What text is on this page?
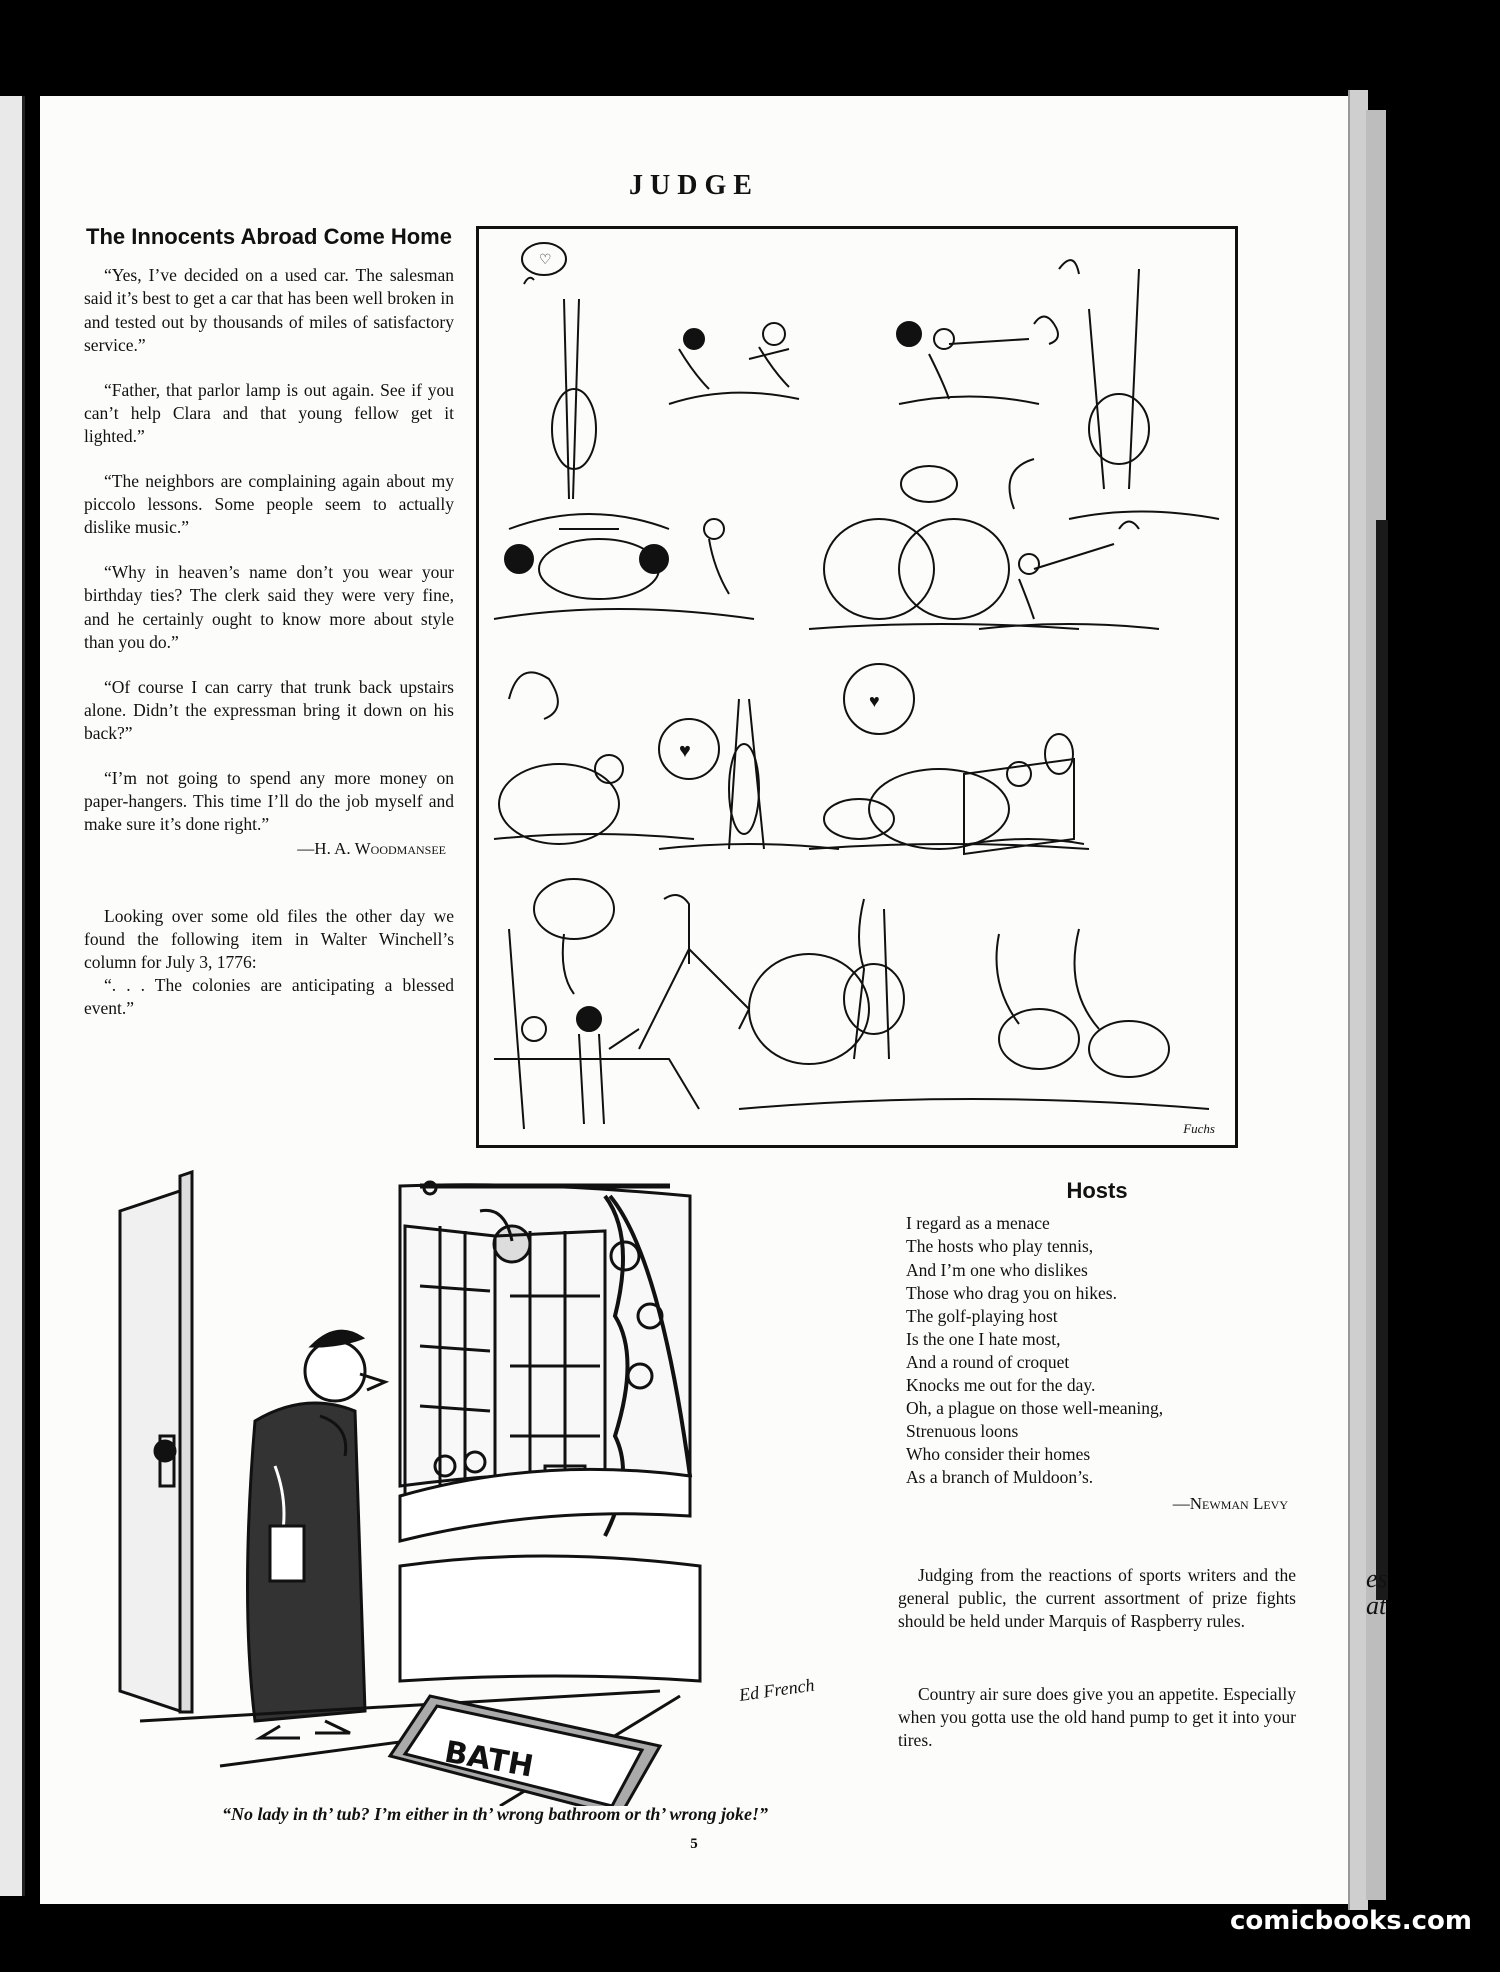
es
at
JUDGE
The Innocents Abroad Come Home

“Yes, I’ve decided on a used car. The salesman said it’s best to get a car that has been well broken in and tested out by thousands of miles of satisfactory service.”

“Father, that parlor lamp is out again. See if you can’t help Clara and that young fellow get it lighted.”

“The neighbors are complaining again about my piccolo lessons. Some people seem to actually dislike music.”

“Why in heaven’s name don’t you wear your birthday ties? The clerk said they were very fine, and he certainly ought to know more about style than you do.”

“Of course I can carry that trunk back upstairs alone. Didn’t the expressman bring it down on his back?”

“I’m not going to spend any more money on paper-hangers. This time I’ll do the job myself and make sure it’s done right.”

—H. A. Woodmansee

Looking over some old files the other day we found the following item in Walter Winchell’s column for July 3, 1776:

“. . . The colonies are anticipating a blessed event.”

♡
♥
♥
Fuchs
BATH
Ed French
“No lady in th’ tub? I’m either in th’ wrong bathroom or th’ wrong joke!”
Hosts
I regard as a menace
The hosts who play tennis,
And I’m one who dislikes
Those who drag you on hikes.
The golf-playing host
Is the one I hate most,
And a round of croquet
Knocks me out for the day.
Oh, a plague on those well-meaning,
Strenuous loons
Who consider their homes
As a branch of Muldoon’s.
—Newman Levy

Judging from the reactions of sports writers and the general public, the current assortment of prize fights should be held under Marquis of Raspberry rules.

Country air sure does give you an appetite. Especially when you gotta use the old hand pump to get it into your tires.

5
comicbooks.com
